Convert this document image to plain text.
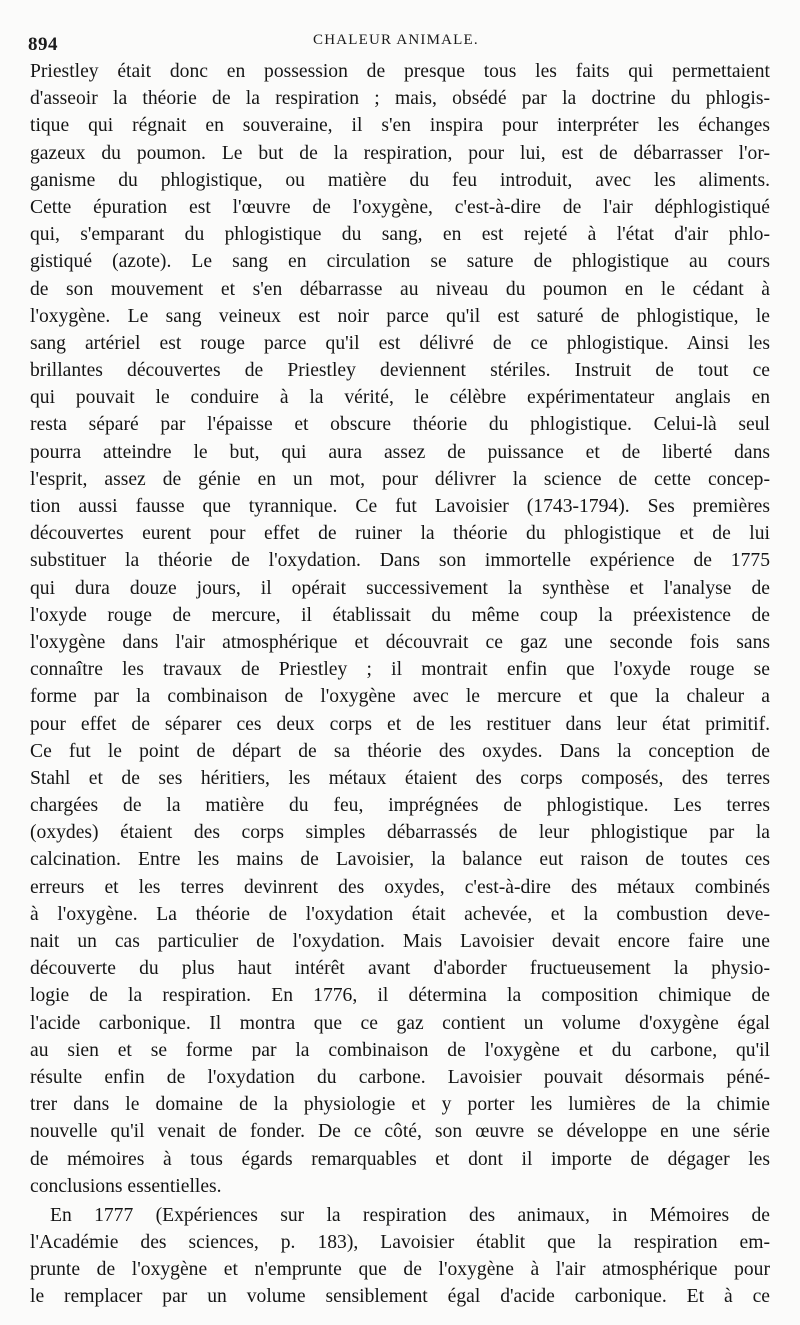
894	CHALEUR ANIMALE.
Priestley était donc en possession de presque tous les faits qui permettaient
d'asseoir la théorie de la respiration ; mais, obsédé par la doctrine du phlogis-
tique qui régnait en souveraine, il s'en inspira pour interpréter les échanges
gazeux du poumon. Le but de la respiration, pour lui, est de débarrasser l'or-
ganisme du phlogistique, ou matière du feu introduit, avec les aliments.
Cette épuration est l'œuvre de l'oxygène, c'est-à-dire de l'air déphlogistiqué
qui, s'emparant du phlogistique du sang, en est rejeté à l'état d'air phlo-
gistiqué (azote). Le sang en circulation se sature de phlogistique au cours
de son mouvement et s'en débarrasse au niveau du poumon en le cédant à
l'oxygène. Le sang veineux est noir parce qu'il est saturé de phlogistique, le
sang artériel est rouge parce qu'il est délivré de ce phlogistique. Ainsi les
brillantes découvertes de Priestley deviennent stériles. Instruit de tout ce
qui pouvait le conduire à la vérité, le célèbre expérimentateur anglais en
resta séparé par l'épaisse et obscure théorie du phlogistique. Celui-là seul
pourra atteindre le but, qui aura assez de puissance et de liberté dans
l'esprit, assez de génie en un mot, pour délivrer la science de cette concep-
tion aussi fausse que tyrannique. Ce fut Lavoisier (1743-1794). Ses premières
découvertes eurent pour effet de ruiner la théorie du phlogistique et de lui
substituer la théorie de l'oxydation. Dans son immortelle expérience de 1775
qui dura douze jours, il opérait successivement la synthèse et l'analyse de
l'oxyde rouge de mercure, il établissait du même coup la préexistence de
l'oxygène dans l'air atmosphérique et découvrait ce gaz une seconde fois sans
connaître les travaux de Priestley ; il montrait enfin que l'oxyde rouge se
forme par la combinaison de l'oxygène avec le mercure et que la chaleur a
pour effet de séparer ces deux corps et de les restituer dans leur état primitif.
Ce fut le point de départ de sa théorie des oxydes. Dans la conception de
Stahl et de ses héritiers, les métaux étaient des corps composés, des terres
chargées de la matière du feu, imprégnées de phlogistique. Les terres
(oxydes) étaient des corps simples débarrassés de leur phlogistique par la
calcination. Entre les mains de Lavoisier, la balance eut raison de toutes ces
erreurs et les terres devinrent des oxydes, c'est-à-dire des métaux combinés
à l'oxygène. La théorie de l'oxydation était achevée, et la combustion deve-
nait un cas particulier de l'oxydation. Mais Lavoisier devait encore faire une
découverte du plus haut intérêt avant d'aborder fructueusement la physio-
logie de la respiration. En 1776, il détermina la composition chimique de
l'acide carbonique. Il montra que ce gaz contient un volume d'oxygène égal
au sien et se forme par la combinaison de l'oxygène et du carbone, qu'il
résulte enfin de l'oxydation du carbone. Lavoisier pouvait désormais péné-
trer dans le domaine de la physiologie et y porter les lumières de la chimie
nouvelle qu'il venait de fonder. De ce côté, son œuvre se développe en une série
de mémoires à tous égards remarquables et dont il importe de dégager les
conclusions essentielles.
En 1777 (Expériences sur la respiration des animaux, in Mémoires de
l'Académie des sciences, p. 183), Lavoisier établit que la respiration em-
prunte de l'oxygène et n'emprunte que de l'oxygène à l'air atmosphérique pour
le remplacer par un volume sensiblement égal d'acide carbonique. Et à ce
